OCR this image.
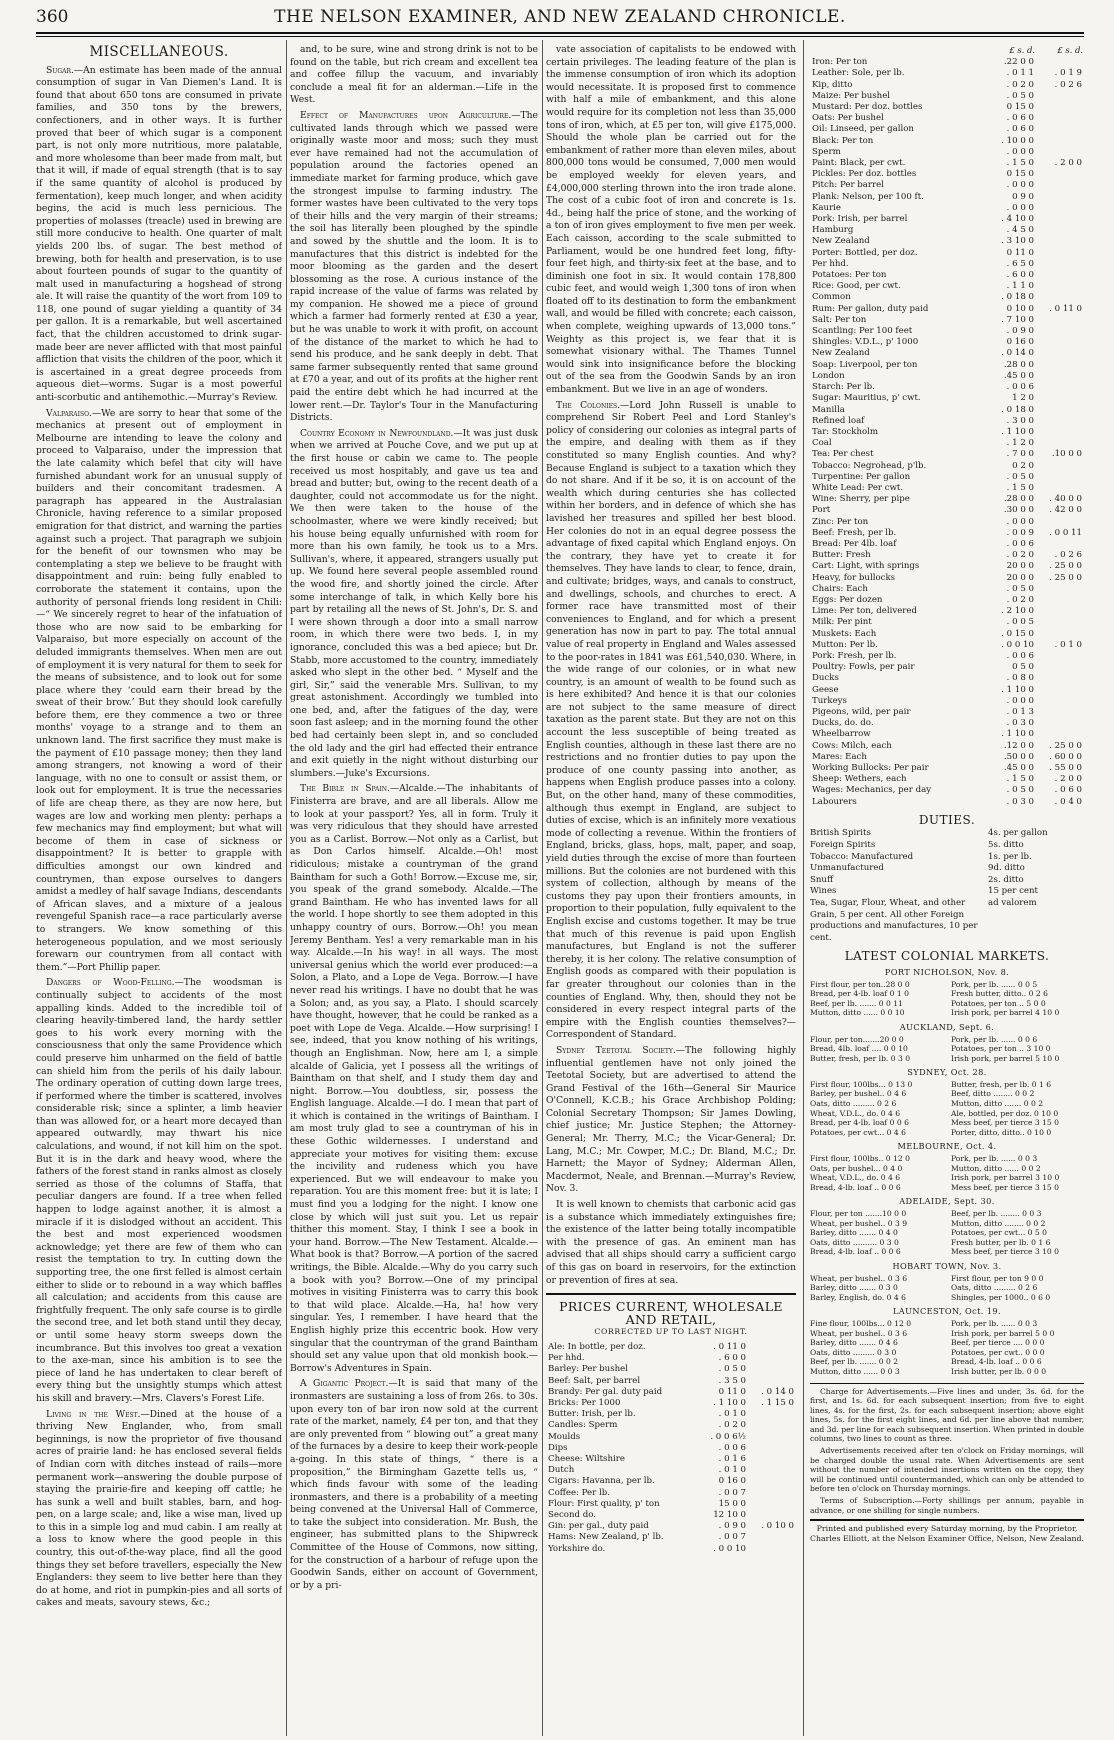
360	THE NELSON EXAMINER, AND NEW ZEALAND CHRONICLE.
MISCELLANEOUS.

Sugar.—An estimate has been made of the annual consumption of sugar in Van Diemen's Land. It is found that about 650 tons are consumed in private families, and 350 tons by the brewers, confectioners, and in other ways. It is further proved that beer of which sugar is a component part, is not only more nutritious, more palatable, and more wholesome than beer made from malt, but that it will, if made of equal strength (that is to say if the same quantity of alcohol is produced by fermentation), keep much longer, and when acidity begins, the acid is much less pernicious. The properties of molasses (treacle) used in brewing are still more conducive to health. One quarter of malt yields 200 lbs. of sugar. The best method of brewing, both for health and preservation, is to use about fourteen pounds of sugar to the quantity of malt used in manufacturing a hogshead of strong ale. It will raise the quantity of the wort from 109 to 118, one pound of sugar yielding a quantity of 34 per gallon. It is a remarkable, but well ascertained fact, that the children accustomed to drink sugar-made beer are never afflicted with that most painful affliction that visits the children of the poor, which it is ascertained in a great degree proceeds from aqueous diet—worms. Sugar is a most powerful anti-scorbutic and antihemothic.—Murray's Review.

Valparaiso.—We are sorry to hear that some of the mechanics at present out of employment in Melbourne are intending to leave the colony and proceed to Valparaiso, under the impression that the late calamity which befel that city will have furnished abundant work for an unusual supply of builders and their concomitant tradesmen. A paragraph has appeared in the Australasian Chronicle, having reference to a similar proposed emigration for that district, and warning the parties against such a project. That paragraph we subjoin for the benefit of our townsmen who may be contemplating a step we believe to be fraught with disappointment and ruin: being fully enabled to corroborate the statement it contains, upon the authority of personal friends long resident in Chili:—“ We sincerely regret to hear of the infatuation of those who are now said to be embarking for Valparaiso, but more especially on account of the deluded immigrants themselves. When men are out of employment it is very natural for them to seek for the means of subsistence, and to look out for some place where they ‘could earn their bread by the sweat of their brow.’ But they should look carefully before them, ere they commence a two or three months' voyage to a strange and to them an unknown land. The first sacrifice they must make is the payment of £10 passage money; then they land among strangers, not knowing a word of their language, with no one to consult or assist them, or look out for employment. It is true the necessaries of life are cheap there, as they are now here, but wages are low and working men plenty: perhaps a few mechanics may find employment; but what will become of them in case of sickness or disappointment? It is better to grapple with difficulties amongst our own kindred and countrymen, than expose ourselves to dangers amidst a medley of half savage Indians, descendants of African slaves, and a mixture of a jealous revengeful Spanish race—a race particularly averse to strangers. We know something of this heterogeneous population, and we most seriously forewarn our countrymen from all contact with them.”—Port Phillip paper.

Dangers of Wood-Felling.—The woodsman is continually subject to accidents of the most appalling kinds. Added to the incredible toil of clearing heavily-timbered land, the hardy settler goes to his work every morning with the consciousness that only the same Providence which could preserve him unharmed on the field of battle can shield him from the perils of his daily labour. The ordinary operation of cutting down large trees, if performed where the timber is scattered, involves considerable risk; since a splinter, a limb heavier than was allowed for, or a heart more decayed than appeared outwardly, may thwart his nice calculations, and wound, if not kill him on the spot. But it is in the dark and heavy wood, where the fathers of the forest stand in ranks almost as closely serried as those of the columns of Staffa, that peculiar dangers are found. If a tree when felled happen to lodge against another, it is almost a miracle if it is dislodged without an accident. This the best and most experienced woodsmen acknowledge; yet there are few of them who can resist the temptation to try. In cutting down the supporting tree, the one first felled is almost certain either to slide or to rebound in a way which baffles all calculation; and accidents from this cause are frightfully frequent. The only safe course is to girdle the second tree, and let both stand until they decay, or until some heavy storm sweeps down the incumbrance. But this involves too great a vexation to the axe-man, since his ambition is to see the piece of land he has undertaken to clear bereft of every thing but the unsightly stumps which attest his skill and bravery.—Mrs. Clavers's Forest Life.

Living in the West.—Dined at the house of a thriving New Englander, who, from small beginnings, is now the proprietor of five thousand acres of prairie land: he has enclosed several fields of Indian corn with ditches instead of rails—more permanent work—answering the double purpose of staying the prairie-fire and keeping off cattle; he has sunk a well and built stables, barn, and hog-pen, on a large scale; and, like a wise man, lived up to this in a simple log and mud cabin. I am really at a loss to know where the good people in this country, this out-of-the-way place, find all the good things they set before travellers, especially the New Englanders: they seem to live better here than they do at home, and riot in pumpkin-pies and all sorts of cakes and meats, savoury stews, &c.;

and, to be sure, wine and strong drink is not to be found on the table, but rich cream and excellent tea and coffee fillup the vacuum, and invariably conclude a meal fit for an alderman.—Life in the West.

Effect of Manufactures upon Agriculture.—The cultivated lands through which we passed were originally waste moor and moss; such they must ever have remained had not the accumulation of population around the factories opened an immediate market for farming produce, which gave the strongest impulse to farming industry. The former wastes have been cultivated to the very tops of their hills and the very margin of their streams; the soil has literally been ploughed by the spindle and sowed by the shuttle and the loom. It is to manufactures that this district is indebted for the moor blooming as the garden and the desert blossoming as the rose. A curious instance of the rapid increase of the value of farms was related by my companion. He showed me a piece of ground which a farmer had formerly rented at £30 a year, but he was unable to work it with profit, on account of the distance of the market to which he had to send his produce, and he sank deeply in debt. That same farmer subsequently rented that same ground at £70 a year, and out of its profits at the higher rent paid the entire debt which he had incurred at the lower rent.—Dr. Taylor's Tour in the Manufacturing Districts.

Country Economy in Newfoundland.—It was just dusk when we arrived at Pouche Cove, and we put up at the first house or cabin we came to. The people received us most hospitably, and gave us tea and bread and butter; but, owing to the recent death of a daughter, could not accommodate us for the night. We then were taken to the house of the schoolmaster, where we were kindly received; but his house being equally unfurnished with room for more than his own family, he took us to a Mrs. Sullivan's, where, it appeared, strangers usually put up. We found here several people assembled round the wood fire, and shortly joined the circle. After some interchange of talk, in which Kelly bore his part by retailing all the news of St. John's, Dr. S. and I were shown through a door into a small narrow room, in which there were two beds. I, in my ignorance, concluded this was a bed apiece; but Dr. Stabb, more accustomed to the country, immediately asked who slept in the other bed. “ Myself and the girl, Sir,” said the venerable Mrs. Sullivan, to my great astonishment. Accordingly we tumbled into one bed, and, after the fatigues of the day, were soon fast asleep; and in the morning found the other bed had certainly been slept in, and so concluded the old lady and the girl had effected their entrance and exit quietly in the night without disturbing our slumbers.—Juke's Excursions.

The Bible in Spain.—Alcalde.—The inhabitants of Finisterra are brave, and are all liberals. Allow me to look at your passport? Yes, all in form. Truly it was very ridiculous that they should have arrested you as a Carlist. Borrow.—Not only as a Carlist, but as Don Carlos himself. Alcalde.—Oh! most ridiculous; mistake a countryman of the grand Baintham for such a Goth! Borrow.—Excuse me, sir, you speak of the grand somebody. Alcalde.—The grand Baintham. He who has invented laws for all the world. I hope shortly to see them adopted in this unhappy country of ours. Borrow.—Oh! you mean Jeremy Bentham. Yes! a very remarkable man in his way. Alcalde.—In his way! in all ways. The most universal genius which the world ever produced:—a Solon, a Plato, and a Lope de Vega. Borrow.—I have never read his writings. I have no doubt that he was a Solon; and, as you say, a Plato. I should scarcely have thought, however, that he could be ranked as a poet with Lope de Vega. Alcalde.—How surprising! I see, indeed, that you know nothing of his writings, though an Englishman. Now, here am I, a simple alcalde of Galicia, yet I possess all the writings of Baintham on that shelf, and I study them day and night. Borrow.—You doubtless, sir, possess the English language. Alcalde.—I do. I mean that part of it which is contained in the writings of Baintham. I am most truly glad to see a countryman of his in these Gothic wildernesses. I understand and appreciate your motives for visiting them: excuse the incivility and rudeness which you have experienced. But we will endeavour to make you reparation. You are this moment free: but it is late; I must find you a lodging for the night. I know one close by which will just suit you. Let us repair thither this moment. Stay, I think I see a book in your hand. Borrow.—The New Testament. Alcalde.—What book is that? Borrow.—A portion of the sacred writings, the Bible. Alcalde.—Why do you carry such a book with you? Borrow.—One of my principal motives in visiting Finisterra was to carry this book to that wild place. Alcalde.—Ha, ha! how very singular. Yes, I remember. I have heard that the English highly prize this eccentric book. How very singular that the countryman of the grand Baintham should set any value upon that old monkish book.—Borrow's Adventures in Spain.

A Gigantic Project.—It is said that many of the ironmasters are sustaining a loss of from 26s. to 30s. upon every ton of bar iron now sold at the current rate of the market, namely, £4 per ton, and that they are only prevented from “ blowing out” a great many of the furnaces by a desire to keep their work-people a-going. In this state of things, “ there is a proposition,” the Birmingham Gazette tells us, “ which finds favour with some of the leading ironmasters, and there is a probability of a meeting being convened at the Universal Hall of Commerce, to take the subject into consideration. Mr. Bush, the engineer, has submitted plans to the Shipwreck Committee of the House of Commons, now sitting, for the construction of a harbour of refuge upon the Goodwin Sands, either on account of Government, or by a pri-

vate association of capitalists to be endowed with certain privileges. The leading feature of the plan is the immense consumption of iron which its adoption would necessitate. It is proposed first to commence with half a mile of embankment, and this alone would require for its completion not less than 35,000 tons of iron, which, at £5 per ton, will give £175,000. Should the whole plan be carried out for the embankment of rather more than eleven miles, about 800,000 tons would be consumed, 7,000 men would be employed weekly for eleven years, and £4,000,000 sterling thrown into the iron trade alone. The cost of a cubic foot of iron and concrete is 1s. 4d., being half the price of stone, and the working of a ton of iron gives employment to five men per week. Each caisson, according to the scale submitted to Parliament, would be one hundred feet long, fifty-four feet high, and thirty-six feet at the base, and to diminish one foot in six. It would contain 178,800 cubic feet, and would weigh 1,300 tons of iron when floated off to its destination to form the embankment wall, and would be filled with concrete; each caisson, when complete, weighing upwards of 13,000 tons.” Weighty as this project is, we fear that it is somewhat visionary withal. The Thames Tunnel would sink into insignificance before the blocking out of the sea from the Goodwin Sands by an iron embankment. But we live in an age of wonders.

The Colonies.—Lord John Russell is unable to comprehend Sir Robert Peel and Lord Stanley's policy of considering our colonies as integral parts of the empire, and dealing with them as if they constituted so many English counties. And why? Because England is subject to a taxation which they do not share. And if it be so, it is on account of the wealth which during centuries she has collected within her borders, and in defence of which she has lavished her treasures and spilled her best blood. Her colonies do not in an equal degree possess the advantage of fixed capital which England enjoys. On the contrary, they have yet to create it for themselves. They have lands to clear, to fence, drain, and cultivate; bridges, ways, and canals to construct, and dwellings, schools, and churches to erect. A former race have transmitted most of their conveniences to England, and for which a present generation has now in part to pay. The total annual value of real property in England and Wales assessed to the poor-rates in 1841 was £61,540,030. Where, in the wide range of our colonies, or in what new country, is an amount of wealth to be found such as is here exhibited? And hence it is that our colonies are not subject to the same measure of direct taxation as the parent state. But they are not on this account the less susceptible of being treated as English counties, although in these last there are no restrictions and no frontier duties to pay upon the produce of one county passing into another, as happens when English produce passes into a colony. But, on the other hand, many of these commodities, although thus exempt in England, are subject to duties of excise, which is an infinitely more vexatious mode of collecting a revenue. Within the frontiers of England, bricks, glass, hops, malt, paper, and soap, yield duties through the excise of more than fourteen millions. But the colonies are not burdened with this system of collection, although by means of the customs they pay upon their frontiers amounts, in proportion to their population, fully equivalent to the English excise and customs together. It may be true that much of this revenue is paid upon English manufactures, but England is not the sufferer thereby, it is her colony. The relative consumption of English goods as compared with their population is far greater throughout our colonies than in the counties of England. Why, then, should they not be considered in every respect integral parts of the empire with the English counties themselves?—Correspondent of Standard.

Sydney Teetotal Society.—The following highly influential gentlemen have not only joined the Teetotal Society, but are advertised to attend the Grand Festival of the 16th—General Sir Maurice O'Connell, K.C.B.; his Grace Archbishop Polding; Colonial Secretary Thompson; Sir James Dowling, chief justice; Mr. Justice Stephen; the Attorney-General; Mr. Therry, M.C.; the Vicar-General; Dr. Lang, M.C.; Mr. Cowper, M.C.; Dr. Bland, M.C.; Dr. Harnett; the Mayor of Sydney; Alderman Allen, Macdermot, Neale, and Brennan.—Murray's Review, Nov. 3.

It is well known to chemists that carbonic acid gas is a substance which immediately extinguishes fire; the existence of the latter being totally incompatible with the presence of gas. An eminent man has advised that all ships should carry a sufficient cargo of this gas on board in reservoirs, for the extinction or prevention of fires at sea.

PRICES CURRENT, WHOLESALE AND RETAIL,
CORRECTED UP TO LAST NIGHT.
Ale: In bottle, per doz.	. 0 11 0	
Per hhd.	. 6 0 0	
Barley: Per bushel	. 0 5 0	
Beef: Salt, per barrel	. 3 5 0	
Brandy: Per gal. duty paid	0 11 0	. 0 14 0
Bricks: Per 1000	. 1 10 0	. 1 15 0
Butter: Irish, per lb.	. 0 1 0	
Candles: Sperm	. 0 2 0	
Moulds	. 0 0 6½	
Dips	. 0 0 6	
Cheese: Wiltshire	. 0 1 6	
Dutch	. 0 1 0	
Cigars: Havanna, per lb.	0 16 0	
Coffee: Per lb.	. 0 0 7	
Flour: First quality, p' ton	15 0 0	
Second do.	12 10 0	
Gin: per gal., duty paid	. 0 9 0	. 0 10 0
Hams: New Zealand, p' lb.	. 0 0 7	
Yorkshire do.	. 0 0 10	
	£ s. d.	£ s. d.
Iron: Per ton	.22 0 0	
Leather: Sole, per lb.	. 0 1 1	. 0 1 9
Kip, ditto	. 0 2 0	. 0 2 6
Maize: Per bushel	. 0 5 0	
Mustard: Per doz. bottles	0 15 0	
Oats: Per bushel	. 0 6 0	
Oil: Linseed, per gallon	. 0 6 0	
Black: Per ton	. 10 0 0	
Sperm	. 0 0 0	
Paint: Black, per cwt.	. 1 5 0	. 2 0 0
Pickles: Per doz. bottles	0 15 0	
Pitch: Per barrel	. 0 0 0	
Plank: Nelson, per 100 ft.	0 9 0	
Kaurie	. 0 0 0	
Pork: Irish, per barrel	. 4 10 0	
Hamburg	. 4 5 0	
New Zealand	. 3 10 0	
Porter: Bottled, per doz.	0 11 0	
Per hhd.	. 6 5 0	
Potatoes: Per ton	. 6 0 0	
Rice: Good, per cwt.	. 1 1 0	
Common	. 0 18 0	
Rum: Per gallon, duty paid	0 10 0	. 0 11 0
Salt: Per ton	. 7 10 0	
Scantling: Per 100 feet	. 0 9 0	
Shingles: V.D.L., p' 1000	0 16 0	
New Zealand	. 0 14 0	
Soap: Liverpool, per ton	.28 0 0	
London	.45 0 0	
Starch: Per lb.	. 0 0 6	
Sugar: Mauritius, p' cwt.	1 2 0	
Manilla	. 0 18 0	
Refined loaf	. 3 0 0	
Tar: Stockholm	. 1 10 0	
Coal	. 1 2 0	
Tea: Per chest	. 7 0 0	.10 0 0
Tobacco: Negrohead, p'lb.	0 2 0	
Turpentine: Per gallon	. 0 5 0	
White Lead: Per cwt.	. 1 5 0	
Wine: Sherry, per pipe	.28 0 0	. 40 0 0
Port	.30 0 0	. 42 0 0
Zinc: Per ton	. 0 0 0	
Beef: Fresh, per lb.	. 0 0 9	. 0 0 11
Bread: Per 4lb. loaf	. 0 0 6	
Butter: Fresh	. 0 2 0	. 0 2 6
Cart: Light, with springs	20 0 0	. 25 0 0
Heavy, for bullocks	20 0 0	. 25 0 0
Chairs: Each	. 0 5 0	
Eggs: Per dozen	. 0 2 0	
Lime: Per ton, delivered	. 2 10 0	
Milk: Per pint	. 0 0 5	
Muskets: Each	. 0 15 0	
Mutton: Per lb.	. 0 0 10	. 0 1 0
Pork: Fresh, per lb.	. 0 0 6	
Poultry: Fowls, per pair	0 5 0	
Ducks	. 0 8 0	
Geese	. 1 10 0	
Turkeys	. 0 0 0	
Pigeons, wild, per pair	. 0 1 3	
Ducks, do. do.	. 0 3 0	
Wheelbarrow	. 1 10 0	
Cows: Milch, each	.12 0 0	. 25 0 0
Mares: Each	.50 0 0	. 60 0 0
Working Bullocks: Per pair	.45 0 0	. 55 0 0
Sheep: Wethers, each	. 1 5 0	. 2 0 0
Wages: Mechanics, per day	. 0 5 0	. 0 6 0
Labourers	. 0 3 0	. 0 4 0
DUTIES.
British Spirits	4s. per gallon
Foreign Spirits	5s. ditto
Tobacco: Manufactured	1s. per lb.
Unmanufactured	9d. ditto
Snuff	2s. ditto
Wines	15 per cent
Tea, Sugar, Flour, Wheat, and other Grain, 5 per cent. All other Foreign productions and manufactures, 10 per cent.
ad valorem
LATEST COLONIAL MARKETS.
PORT NICHOLSON, Nov. 8.
First flour, per ton..28 0 0	Pork, per lb. ...... 0 0 5
Bread, per 4-lb. loaf 0 1 0	Fresh butter, ditto.. 0 2 6
Beef, per lb. ....... 0 0 11	Potatoes, per ton .. 5 0 0
Mutton, ditto ...... 0 0 10	Irish pork, per barrel 4 10 0
AUCKLAND, Sept. 6.
Flour, per ton.......20 0 0	Pork, per lb. ...... 0 0 6
Bread, 4lb. loaf .... 0 0 10	Potatoes, per ton .. 3 10 0
Butter, fresh, per lb. 0 3 0	Irish pork, per barrel 5 10 0
SYDNEY, Oct. 28.
First flour, 100lbs... 0 13 0	Butter, fresh, per lb. 0 1 6
Barley, per bushel.. 0 4 6	Beef, ditto ........ 0 0 2
Oats, ditto ......... 0 2 6	Mutton, ditto ....... 0 0 2
Wheat, V.D.L., do. 0 4 6	Ale, bottled, per doz. 0 10 0
Bread, per 4-lb. loaf 0 0 6	Mess beef, per tierce 3 15 0
Potatoes, per cwt... 0 4 6	Porter, ditto, ditto.. 0 10 0
MELBOURNE, Oct. 4.
First flour, 100lbs.. 0 12 0	Pork, per lb. ...... 0 0 3
Oats, per bushel... 0 4 0	Mutton, ditto ...... 0 0 2
Wheat, V.D.L., do. 0 4 6	Irish pork, per barrel 3 10 0
Bread, 4-lb. loaf .. 0 0 6	Mess beef, per tierce 3 15 0
ADELAIDE, Sept. 30.
Flour, per ton .......10 0 0	Beef, per lb. ........ 0 0 3
Wheat, per bushel.. 0 3 9	Mutton, ditto ........ 0 0 2
Barley, ditto ....... 0 4 0	Potatoes, per cwt... 0 5 0
Oats, ditto .......... 0 3 0	Fresh butter, per lb. 0 1 6
Bread, 4-lb. loaf .. 0 0 6	Mess beef, per tierce 3 10 0
HOBART TOWN, Nov. 3.
Wheat, per bushel.. 0 3 6	First flour, per ton 9 0 0
Barley, ditto ....... 0 3 0	Oats, ditto ......... 0 2 6
Barley, English, do. 0 4 6	Shingles, per 1000.. 0 6 0
LAUNCESTON, Oct. 19.
Fine flour, 100lbs... 0 12 0	Pork, per lb. ...... 0 0 3
Wheat, per bushel.. 0 3 6	Irish pork, per barrel 5 0 0
Barley, ditto ....... 0 4 6	Beef, per tierce .... 0 0 0
Oats, ditto ......... 0 3 0	Potatoes, per cwt.. 0 0 0
Beef, per lb. ....... 0 0 2	Bread, 4-lb. loaf .. 0 0 6
Mutton, ditto ...... 0 0 3	Irish butter, per lb. 0 0 0

Charge for Advertisements.—Five lines and under, 3s. 6d. for the first, and 1s. 6d. for each subsequent insertion; from five to eight lines, 4s. for the first, 2s. for each subsequent insertion; above eight lines, 5s. for the first eight lines, and 6d. per line above that number, and 3d. per line for each subsequent insertion. When printed in double columns, two lines to count as three.

Advertisements received after ten o'clock on Friday mornings, will be charged double the usual rate. When Advertisements are sent without the number of intended insertions written on the copy, they will be continued until countermanded, which can only be attended to before ten o'clock on Thursday mornings.

Terms of Subscription.—Forty shillings per annum, payable in advance, or one shilling for single numbers.

Printed and published every Saturday morning, by the Proprietor, Charles Elliott, at the Nelson Examiner Office, Nelson, New Zealand.
